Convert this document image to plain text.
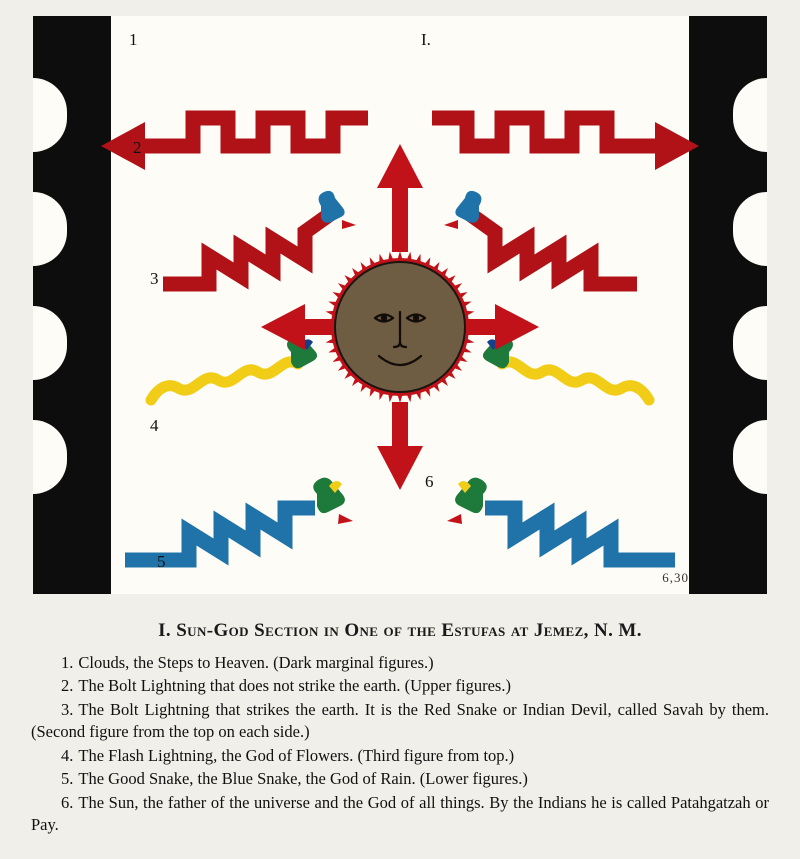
1	I.
2
3
4
5
6
6,30
I. Sun-God Section in One of the Estufas at Jemez, N. M.

1. Clouds, the Steps to Heaven. (Dark marginal figures.)

2. The Bolt Lightning that does not strike the earth. (Upper figures.)

3. The Bolt Lightning that strikes the earth. It is the Red Snake or Indian Devil, called Savah by them. (Second figure from the top on each side.)

4. The Flash Lightning, the God of Flowers. (Third figure from top.)

5. The Good Snake, the Blue Snake, the God of Rain. (Lower figures.)

6. The Sun, the father of the universe and the God of all things. By the Indians he is called Patahgatzah or Pay.
